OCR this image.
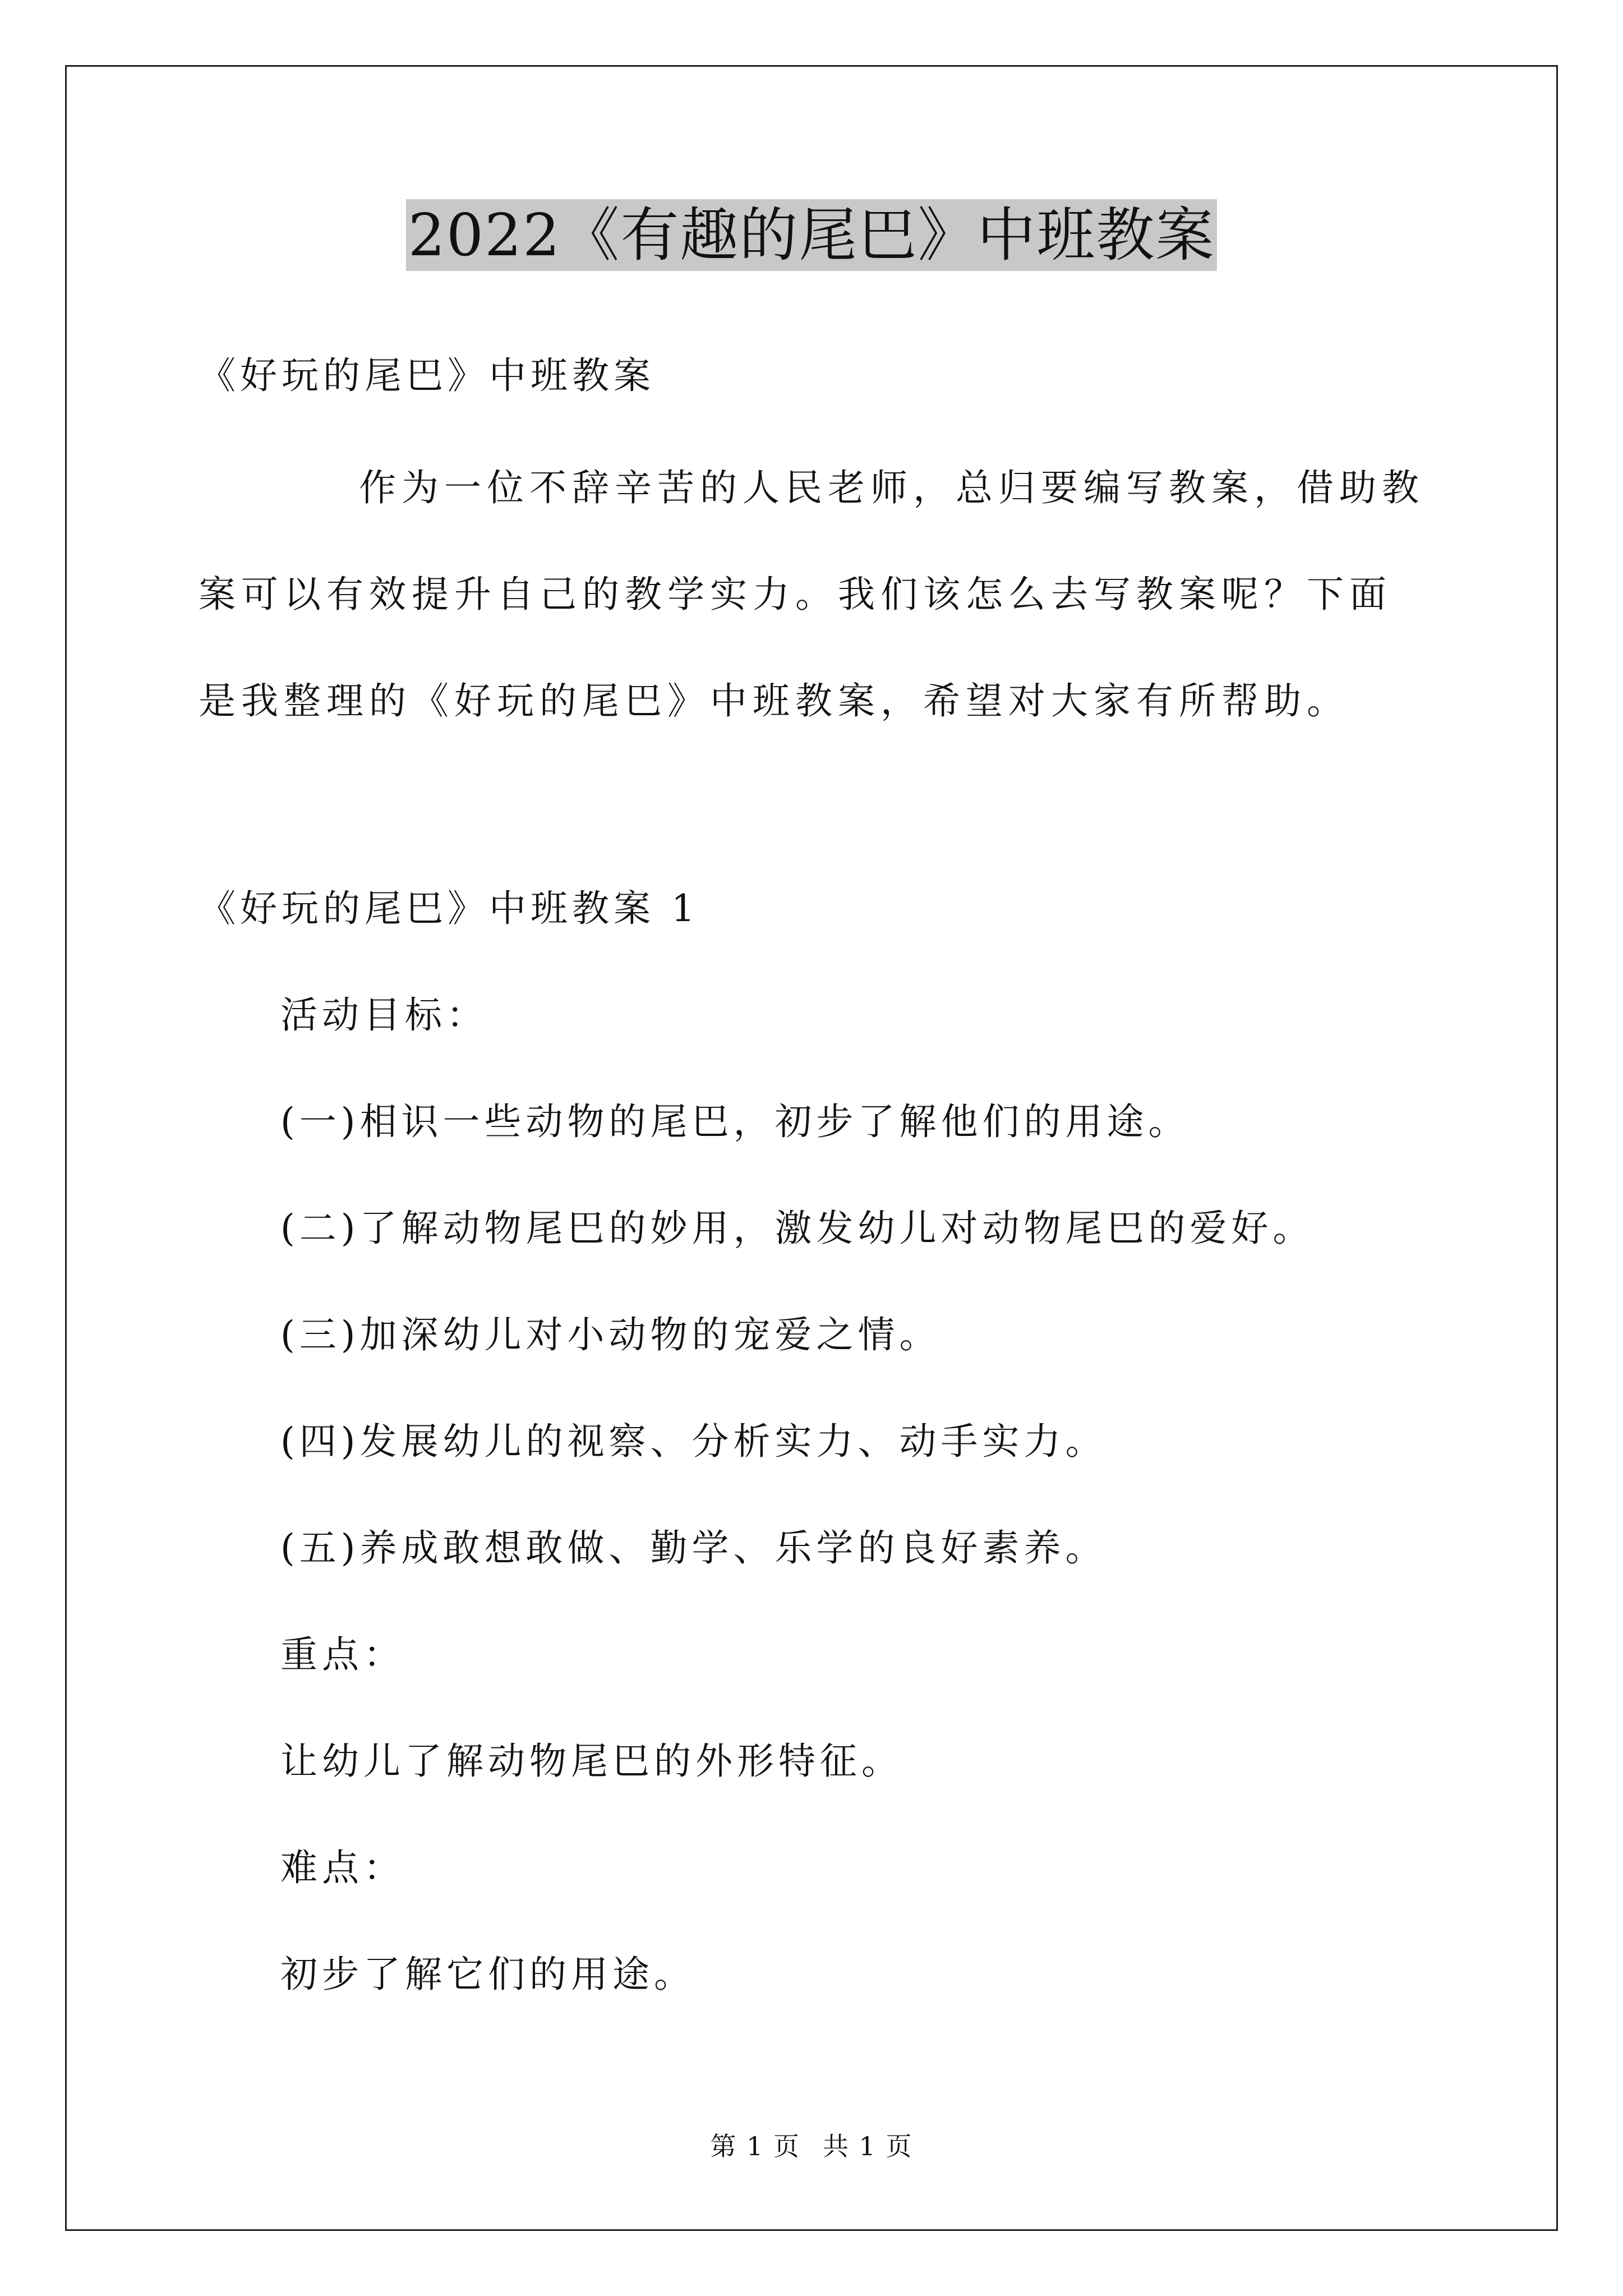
2022《有趣的尾巴》中班教案
《好玩的尾巴》中班教案

作为一位不辞辛苦的人民老师，总归要编写教案，借助教案可以有效提升自己的教学实力。我们该怎么去写教案呢？下面是我整理的《好玩的尾巴》中班教案，希望对大家有所帮助。

《好玩的尾巴》中班教案 1
活动目标：
(一)相识一些动物的尾巴，初步了解他们的用途。
(二)了解动物尾巴的妙用，激发幼儿对动物尾巴的爱好。
(三)加深幼儿对小动物的宠爱之情。
(四)发展幼儿的视察、分析实力、动手实力。
(五)养成敢想敢做、勤学、乐学的良好素养。
重点：
让幼儿了解动物尾巴的外形特征。
难点：
初步了解它们的用途。
第 1 页 共 1 页
